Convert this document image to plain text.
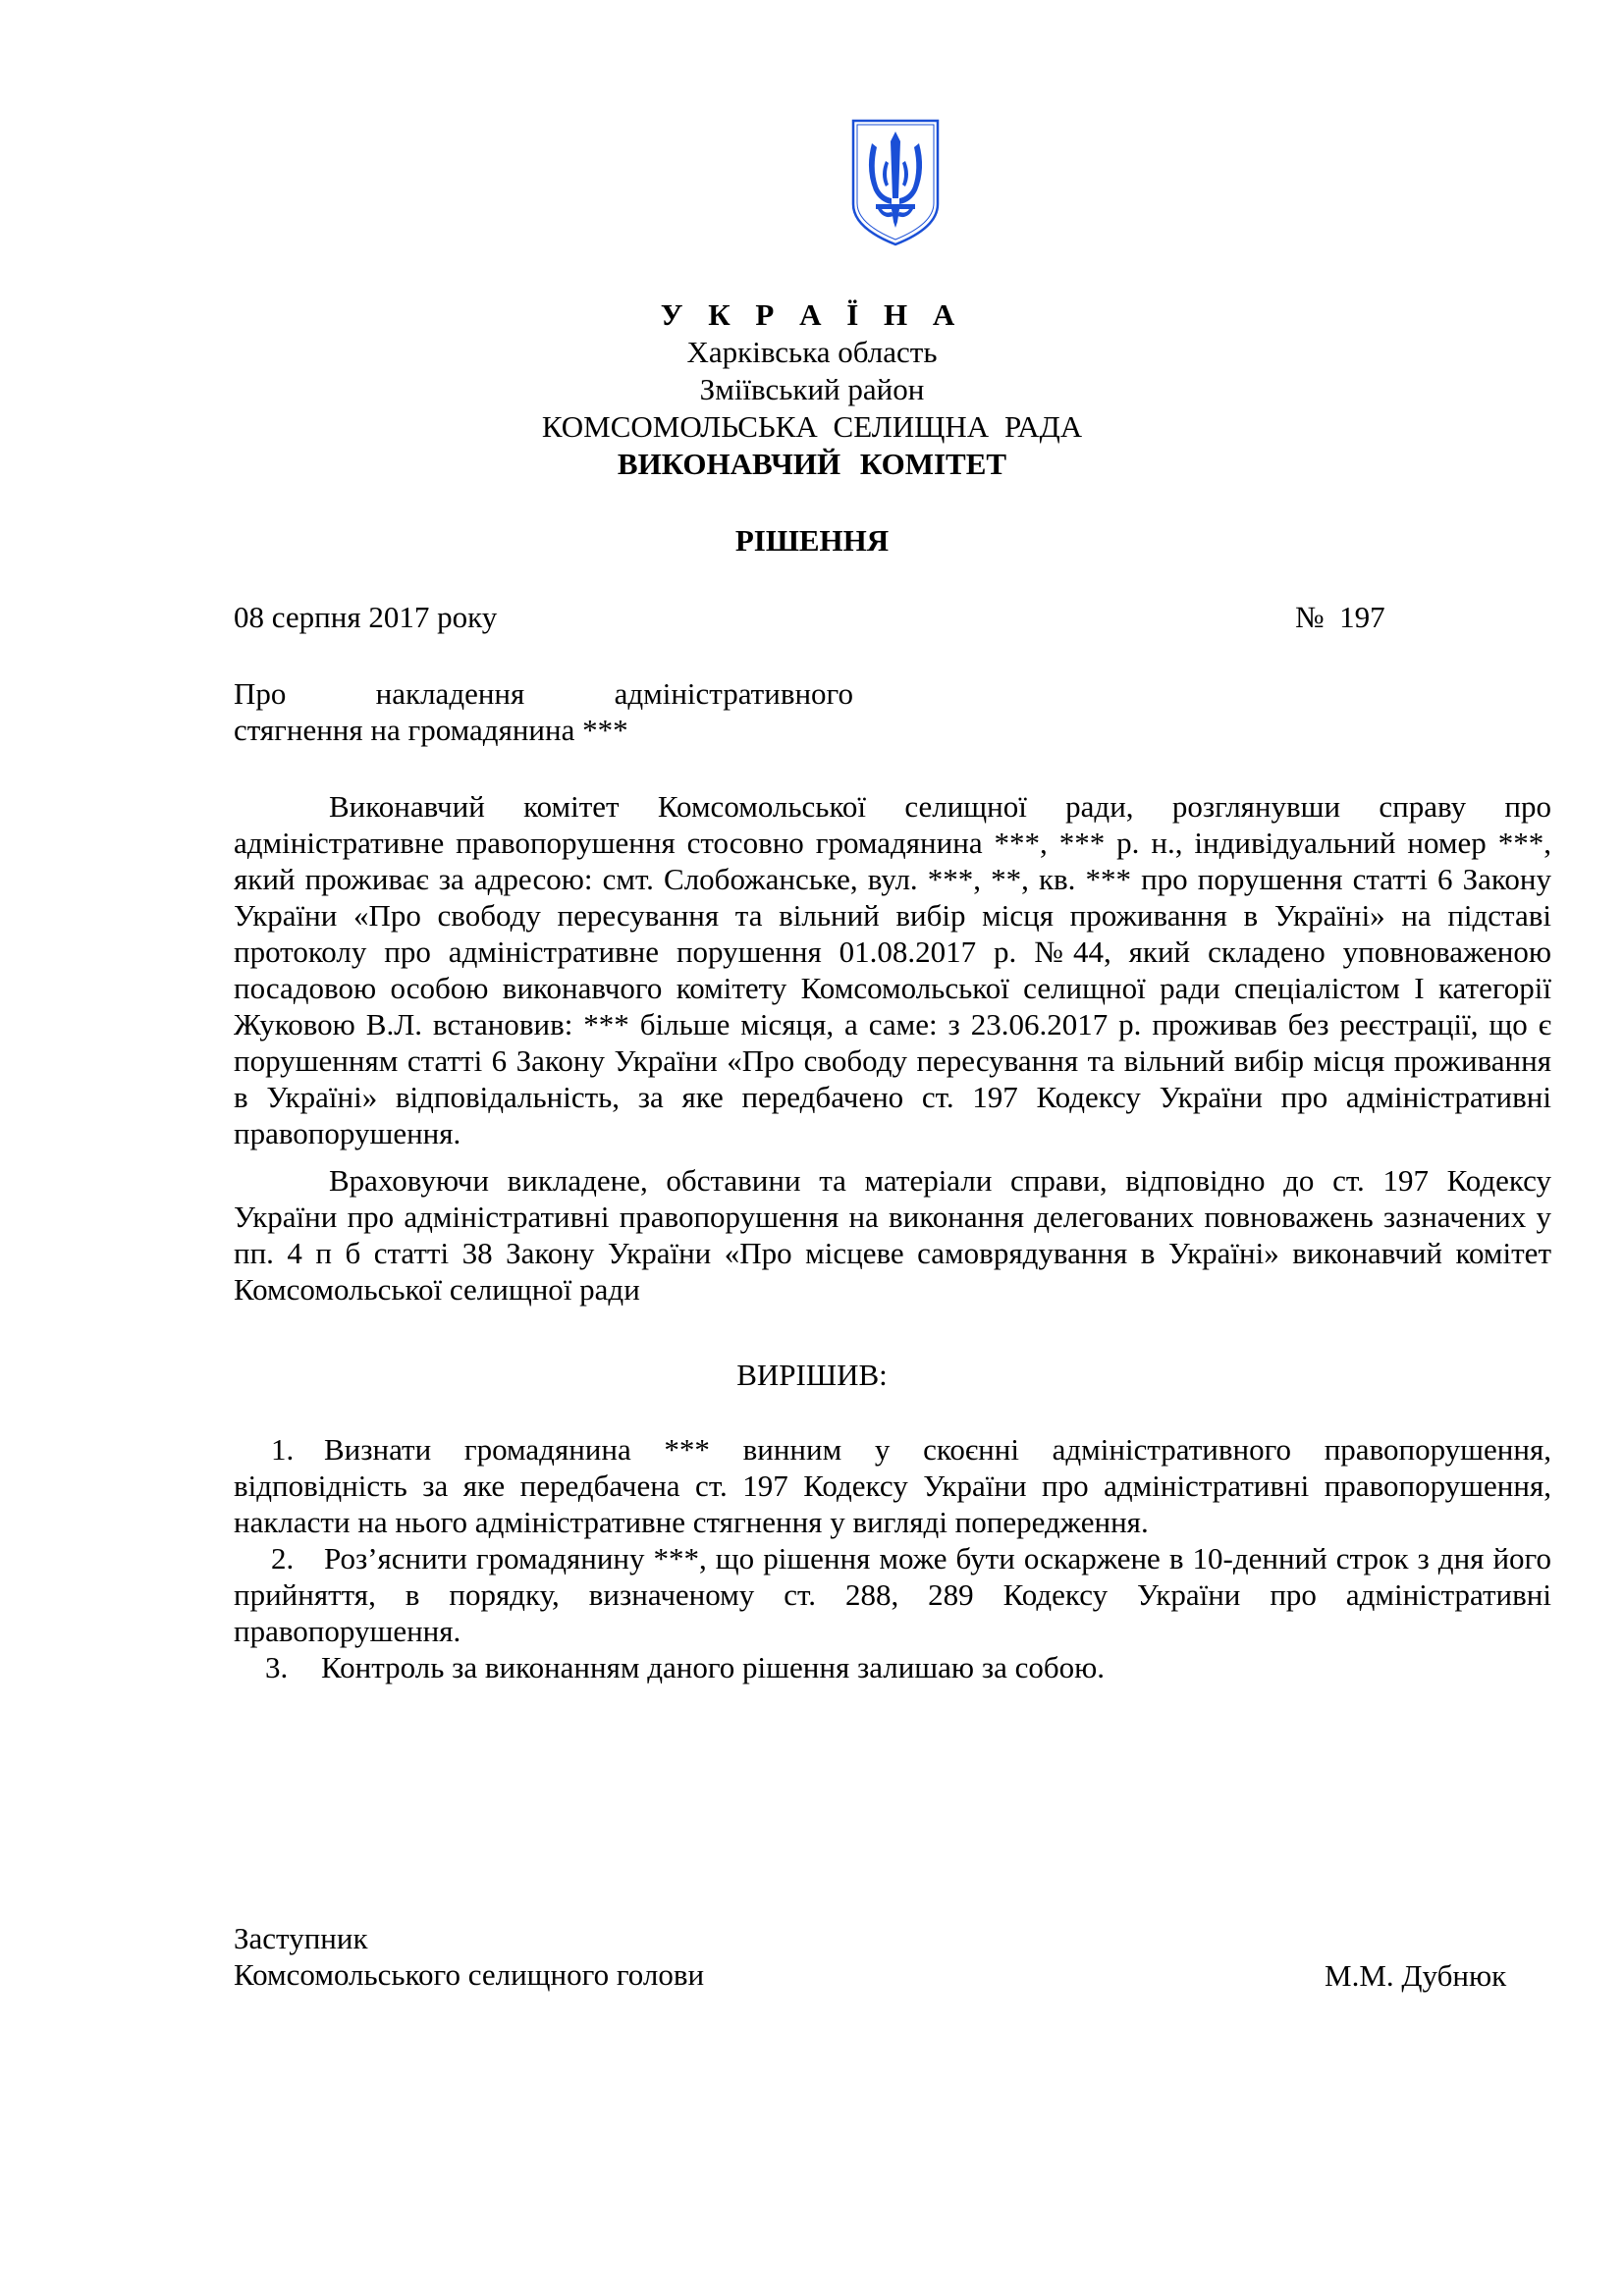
У К Р А Ї Н А
Харківська область
Зміївський район
КОМСОМОЛЬСЬКА СЕЛИЩНА РАДА
ВИКОНАВЧИЙ КОМІТЕТ
РІШЕННЯ
08 серпня 2017 року	№  197
Про накладення адміністративного
стягнення на громадянина ***

Виконавчий комітет Комсомольської селищної ради, розглянувши справу про адміністративне правопорушення стосовно громадянина ***, *** р. н., індивідуальний номер ***, який проживає за адресою: смт. Слобожанське, вул. ***, **, кв. *** про порушення статті 6 Закону України «Про свободу пересування та вільний вибір місця проживання в Україні» на підставі протоколу про адміністративне порушення 01.08.2017 р. №44, який складено уповноваженою посадовою особою виконавчого комітету Комсомольської селищної ради спеціалістом І категорії Жуковою В.Л. встановив: *** більше місяця, а саме: з 23.06.2017 р. проживав без реєстрації, що є порушенням статті 6 Закону України «Про свободу пересування та вільний вибір місця проживання в Україні» відповідальність, за яке передбачено ст. 197 Кодексу України про адміністративні правопорушення.

Враховуючи викладене, обставини та матеріали справи, відповідно до ст. 197 Кодексу України про адміністративні правопорушення на виконання делегованих повноважень зазначених у пп. 4 п б статті 38 Закону України «Про місцеве самоврядування в Україні» виконавчий комітет Комсомольської селищної ради

ВИРІШИВ:

1. Визнати громадянина *** винним у скоєнні адміністративного правопорушення, відповідність за яке передбачена ст. 197 Кодексу України про адміністративні правопорушення, накласти на нього адміністративне стягнення у вигляді попередження.

2. Роз’яснити громадянину ***, що рішення може бути оскаржене в 10-денний строк з дня його прийняття, в порядку, визначеному ст. 288, 289 Кодексу України про адміністративні правопорушення.

3. Контроль за виконанням даного рішення залишаю за собою.

Заступник
Комсомольського селищного голови	М.М. Дубнюк
